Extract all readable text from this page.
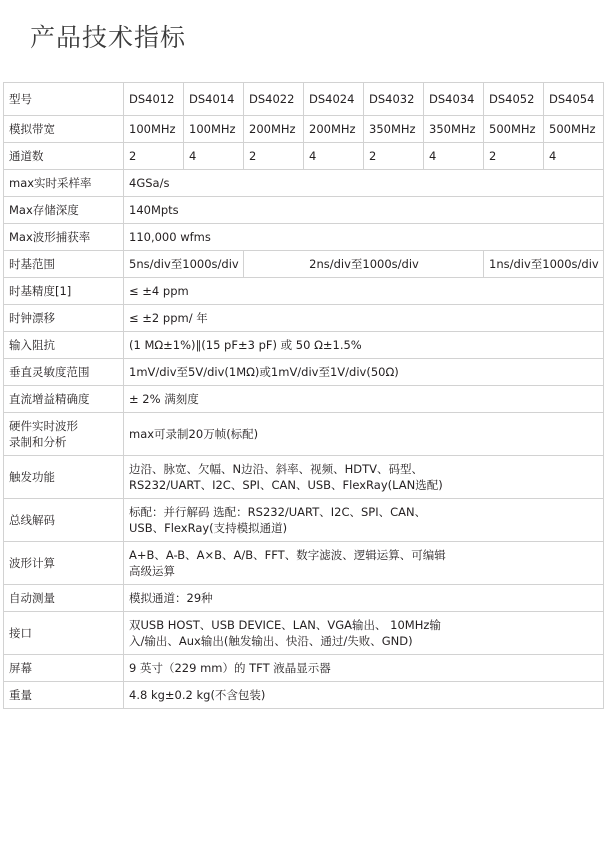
产品技术指标
型号	DS4012	DS4014	DS4022	DS4024	DS4032	DS4034	DS4052	DS4054
模拟带宽	100MHz	100MHz	200MHz	200MHz	350MHz	350MHz	500MHz	500MHz
通道数	2	4	2	4	2	4	2	4
max实时采样率	4GSa/s							
Max存储深度	140Mpts							
Max波形捕获率	110,000 wfms							
时基范围	5ns/div至1000s/div		2ns/div至1000s/div				1ns/div至1000s/div	
时基精度[1]	≤ ±4 ppm							
时钟漂移	≤ ±2 ppm/ 年							
输入阻抗	(1 MΩ±1%)∥(15 pF±3 pF) 或 50 Ω±1.5%							
垂直灵敏度范围	1mV/div至5V/div(1MΩ)或1mV/div至1V/div(50Ω)							
直流增益精确度	± 2% 满刻度							

硬件实时波形
录制和分析	max可录制20万帧(标配)							
触发功能	边沿、脉宽、欠幅、N边沿、斜率、视频、HDTV、码型、
RS232/UART、I2C、SPI、CAN、USB、FlexRay(LAN选配)							

总线解码	标配：并行解码 选配：RS232/UART、I2C、SPI、CAN、
USB、FlexRay(支持模拟通道)							

波形计算	A+B、A-B、A×B、A/B、FFT、数字滤波、逻辑运算、可编辑
高级运算							

自动测量	模拟通道：29种							
接口	双USB HOST、USB DEVICE、LAN、VGA输出、 10MHz输
入/输出、Aux输出(触发输出、快沿、通过/失败、GND)							

屏幕	9 英寸（229 mm）的 TFT 液晶显示器							
重量	4.8 kg±0.2 kg(不含包装)							
